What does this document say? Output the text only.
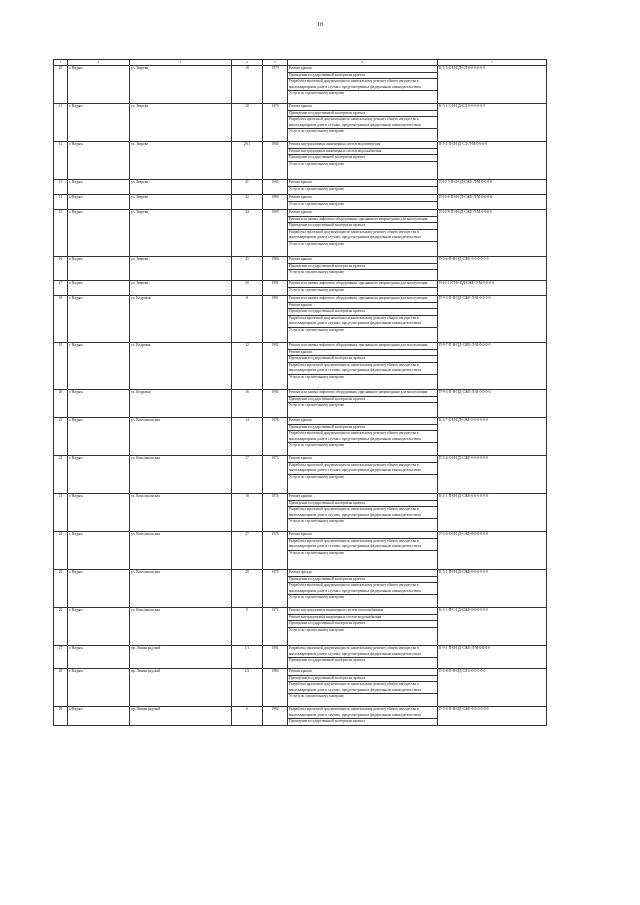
18
1	2	3	4	5	6	7
10	г. Надым	ул. Зверева	18	1979	Ремонт крыши
Проведение государственной экспертизы проекта
Разработка проектной документации по капитальному ремонту общего имущества в многоквартирном доме в случаях, предусмотренных федеральным законодательством
Услуги по строительному контролю	К-5-3-С-Н-ЦД-СЛ-0-0-0-0-0-0
11	г. Надым	ул. Зверева	28	1979	Ремонт крыши
Проведение государственной экспертизы проекта
Разработка проектной документации по капитальному ремонту общего имущества в многоквартирном доме в случаях, предусмотренных федеральным законодательством
Услуги по строительному контролю	К-5-1-С-Н-ЦД-СЛ-0-0-0-0-0-0
12	г. Надым	ул. Зверева	29/1	1984	Ремонт внутридомовых инженерных систем водоотведения
Ремонт внутридомовых инженерных систем водоснабжения
Проведение государственной экспертизы проекта
Услуги по строительному контролю	К-5-1-П-П-ЦД-СЛ-Л-М-0-0-0-0
13	г. Надым	ул. Зверева	41	1985	Ремонт крыши
Услуги по строительному контролю	П-10-7-П-Н-ЦД-СЖЕ-Л-М-0-0-0-0
14	г. Надым	ул. Зверева	42	1989	Ремонт крыши
Услуги по строительному контролю	П-10-8-П-Н-ЦД-СЖЕ-Л-М-0-0-0-0
15	г. Надым	ул. Зверева	44	1989	Ремонт крыши
Ремонт или замена лифтового оборудования, признанного непригодным для эксплуатации
Проведение государственной экспертизы проекта
Разработка проектной документации по капитальному ремонту общего имущества в многоквартирном доме в случаях, предусмотренных федеральным законодательством
Услуги по строительному контролю	П-10-8-П-Н-ЦД-СЖЕ-Л-М-0-0-0-0
16	г. Надым	ул. Зверева	45	1984	Ремонт крыши
Проведение государственной экспертизы проекта
Услуги по строительному контролю	П-5-4-П-Н-ЦД-СЖЕ-0-0-0-0-0-0
17	г. Надым	ул. Зверева	50	1991	Ремонт или замена лифтового оборудования, признанного непригодным для эксплуатации
Услуги по строительному контролю	П-10-11-П-Н-ЦД-СЖЕ-Л-М-0-0-0-0
18	г. Надым	ул. Кедровая	8	1991	Ремонт или замена лифтового оборудования, признанного непригодным для эксплуатации
Ремонт крыши
Проведение государственной экспертизы проекта
Разработка проектной документации по капитальному ремонту общего имущества в многоквартирном доме в случаях, предусмотренных федеральным законодательством
Услуги по строительному контролю	П-9-3-П-Н-ЦД-СЖЕ-Л-М-0-0-0-0
19	г. Надым	ул. Кедровая	12	1992	Ремонт или замена лифтового оборудования, признанного непригодным для эксплуатации
Ремонт крыши
Проведение государственной экспертизы проекта
Разработка проектной документации по капитальному ремонту общего имущества в многоквартирном доме в случаях, предусмотренных федеральным законодательством
Услуги по строительному контролю	П-9-7-П-Н-ЦД-СЖЕ-Л-М-0-0-0-0
20	г. Надым	ул. Кедровая	16	1994	Ремонт или замена лифтового оборудования, признанного непригодным для эксплуатации
Проведение государственной экспертизы проекта
Услуги по строительному контролю	П-9-3-П-Н-ЦД-СЖЕ-Л-М-0-0-0-0
21	г. Надым	ул. Комсомольская	14	1976	Ремонт крыши
Проведение государственной экспертизы проекта
Разработка проектной документации по капитальному ремонту общего имущества в многоквартирном доме в случаях, предусмотренных федеральным законодательством
Услуги по строительному контролю	К-4-7-С-Н-ЦД-СЖЕ-0-0-0-0-0-0
22	г. Надым	ул. Комсомольская	17	1973	Ремонт крыши
Разработка проектной документации по капитальному ремонту общего имущества в многоквартирном доме в случаях, предусмотренных федеральным законодательством
Услуги по строительному контролю	П-5-4-С-Н-ЦД-СЖЕ-0-0-0-0-0-0
23	г. Надым	ул. Комсомольская	18	1976	Ремонт крыши
Проведение государственной экспертизы проекта
Разработка проектной документации по капитальному ремонту общего имущества в многоквартирном доме в случаях, предусмотренных федеральным законодательством
Услуги по строительному контролю	К-4-1-П-Н-ЦД-СЖЕ-0-0-0-0-0-0
24	г. Надым	ул. Комсомольская	27	1975	Ремонт крыши
Разработка проектной документации по капитальному ремонту общего имущества в многоквартирном доме в случаях, предусмотренных федеральным законодательством
Услуги по строительному контролю	П-5-4-С-Н-ЦД-СЖЕ-0-0-0-0-0-0
25	г. Надым	ул. Комсомольская	29	1975	Ремонт фасада
Проведение государственной экспертизы проекта
Разработка проектной документации по капитальному ремонту общего имущества в многоквартирном доме в случаях, предусмотренных федеральным законодательством
Услуги по строительному контролю	К-5-1-П-Н-ЦД-СЖЕ-0-0-0-0-0-0
26	г. Надым	ул. Комсомольская	9	1974	Ремонт внутридомовых инженерных систем теплоснабжения
Ремонт внутридомовых инженерных систем водоснабжения
Проведение государственной экспертизы проекта
Услуги по строительному контролю	К-3-1-П-С-ЦД-СЖЕ-0-0-0-0-0-0
27	г. Надым	пр. Ленинградский	1/1	1991	Разработка проектной документации по капитальному ремонту общего имущества в многоквартирном доме в случаях, предусмотренных федеральным законодательством
Проведение государственной экспертизы проекта	К-9-1-П-Н-ЦД-СЖЕ-Л-М-0-0-0-0
28	г. Надым	пр. Ленинградский	2/2	1984	Ремонт крыши
Проведение государственной экспертизы проекта
Разработка проектной документации по капитальному ремонту общего имущества в многоквартирном доме в случаях, предусмотренных федеральным законодательством
Услуги по строительному контролю	П-5-8-П-Н-ЦД-СЛ-0-0-0-0-0-0
29	г. Надым	пр. Ленинградский	6	1982	Разработка проектной документации по капитальному ремонту общего имущества в многоквартирном доме в случаях, предусмотренных федеральным законодательством
Проведение государственной экспертизы проекта	П-5-4-П-Н-ЦД-СЖЕ-0-0-0-0-0-0
